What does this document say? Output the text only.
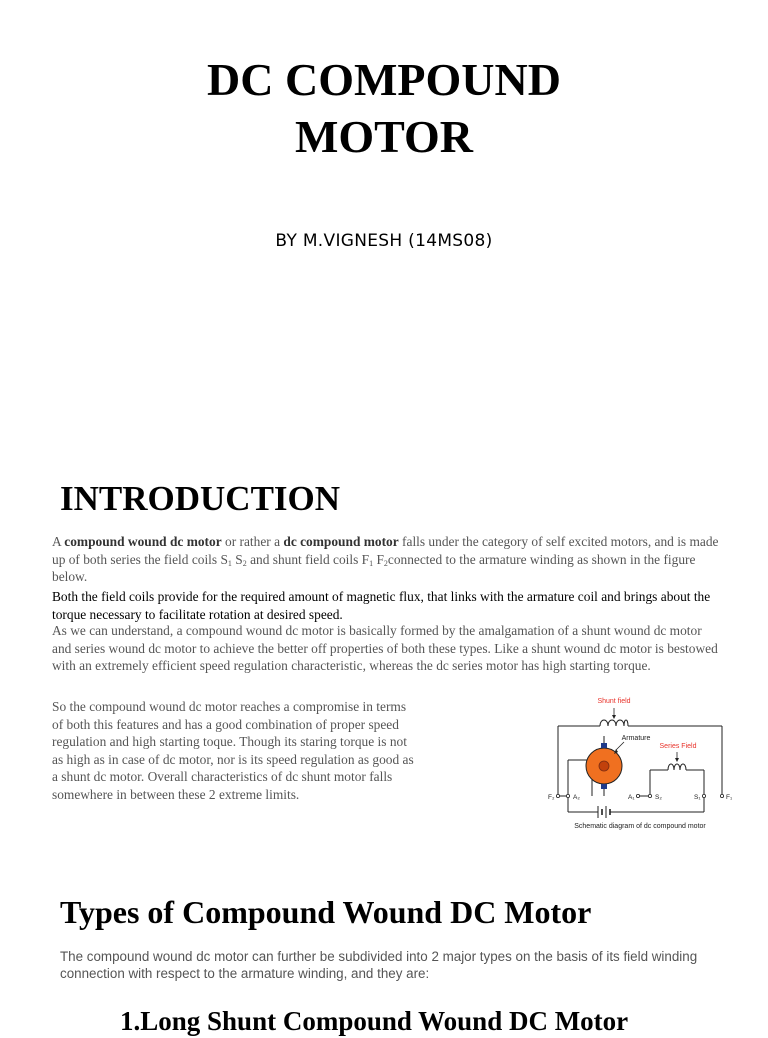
DC COMPOUND
MOTOR
BY M.VIGNESH (14MS08)
INTRODUCTION

A compound wound dc motor or rather a dc compound motor falls under the category of self excited motors, and is made up of both series the field coils $S_1$ $S_2$ and shunt field coils $F_1$ $F_2connected$ to the armature winding as shown in the figure below.

Both the field coils provide for the required amount of magnetic flux, that links with the armature coil and brings about the torque necessary to facilitate rotation at desired speed.

As we can understand, a compound wound dc motor is basically formed by the amalgamation of a shunt wound dc motor and series wound dc motor to achieve the better off properties of both these types. Like a shunt wound dc motor is bestowed with an extremely efficient speed regulation characteristic, whereas the dc series motor has high starting torque.

So the compound wound dc motor reaches a compromise in terms of both this features and has a good combination of proper speed regulation and high starting toque. Though its staring torque is not as high as in case of dc motor, nor is its speed regulation as good as a shunt dc motor. Overall characteristics of dc shunt motor falls somewhere in between these 2 extreme limits.

Shunt field
Armature
Series Field
F₂	A₂	A₁	S₂	S₁	F₁
Schematic diagram of dc compound motor
Types of Compound Wound DC Motor

The compound wound dc motor can further be subdivided into 2 major types on the basis of its field winding connection with respect to the armature winding, and they are:

1.Long Shunt Compound Wound DC Motor
